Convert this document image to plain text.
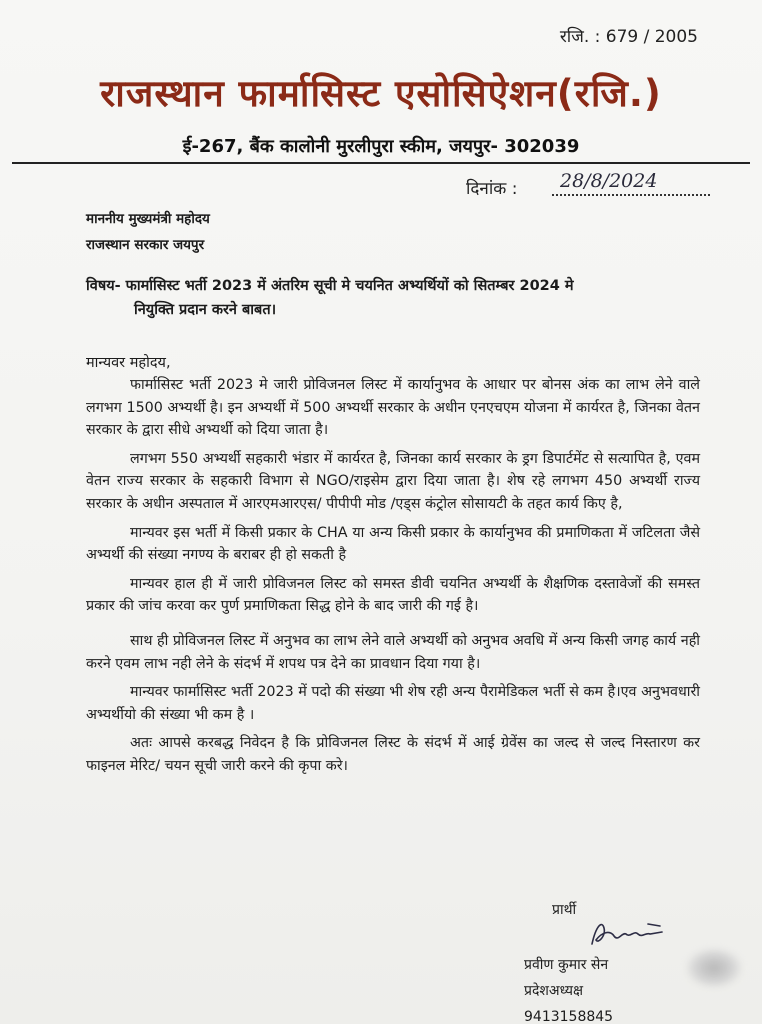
रजि. : 679 / 2005
राजस्थान फार्मासिस्ट एसोसिऐशन(रजि.)
ई-267, बैंक कालोनी मुरलीपुरा स्कीम, जयपुर- 302039
दिनांक :	28/8/2024
माननीय मुख्यमंत्री महोदय
राजस्थान सरकार जयपुर
विषय- फार्मासिस्ट भर्ती 2023 में अंतरिम सूची मे चयनित अभ्यर्थियों को सितम्बर 2024 मे
नियुक्ति प्रदान करने बाबत।
मान्यवर महोदय,

फार्मासिस्ट भर्ती 2023 मे जारी प्रोविजनल लिस्ट में कार्यानुभव के आधार पर बोनस अंक का लाभ लेने वाले लगभग 1500 अभ्यर्थी है। इन अभ्यर्थी में 500 अभ्यर्थी सरकार के अधीन एनएचएम योजना में कार्यरत है, जिनका वेतन सरकार के द्वारा सीधे अभ्यर्थी को दिया जाता है।

लगभग 550 अभ्यर्थी सहकारी भंडार में कार्यरत है, जिनका कार्य सरकार के ड्रग डिपार्टमेंट से सत्यापित है, एवम वेतन राज्य सरकार के सहकारी विभाग से NGO/राइसेम द्वारा दिया जाता है। शेष रहे लगभग 450 अभ्यर्थी राज्य सरकार के अधीन अस्पताल में आरएमआरएस/ पीपीपी मोड /एड्स कंट्रोल सोसायटी के तहत कार्य किए है,

मान्यवर इस भर्ती में किसी प्रकार के CHA या अन्य किसी प्रकार के कार्यानुभव की प्रमाणिकता में जटिलता जैसे अभ्यर्थी की संख्या नगण्य के बराबर ही हो सकती है

मान्यवर हाल ही में जारी प्रोविजनल लिस्ट को समस्त डीवी चयनित अभ्यर्थी के शैक्षणिक दस्तावेजों की समस्त प्रकार की जांच करवा कर पुर्ण प्रमाणिकता सिद्ध होने के बाद जारी की गई है।

साथ ही प्रोविजनल लिस्ट में अनुभव का लाभ लेने वाले अभ्यर्थी को अनुभव अवधि में अन्य किसी जगह कार्य नही करने एवम लाभ नही लेने के संदर्भ में शपथ पत्र देने का प्रावधान दिया गया है।

मान्यवर फार्मासिस्ट भर्ती 2023 में पदो की संख्या भी शेष रही अन्य पैरामेडिकल भर्ती से कम है।एव अनुभवधारी अभ्यर्थीयो की संख्या भी कम है ।

अतः आपसे करबद्ध निवेदन है कि प्रोविजनल लिस्ट के संदर्भ में आई ग्रेवेंस का जल्द से जल्द निस्तारण कर फाइनल मेरिट/ चयन सूची जारी करने की कृपा करे।

प्रार्थी
प्रवीण कुमार सेन
प्रदेशअध्यक्ष
9413158845
